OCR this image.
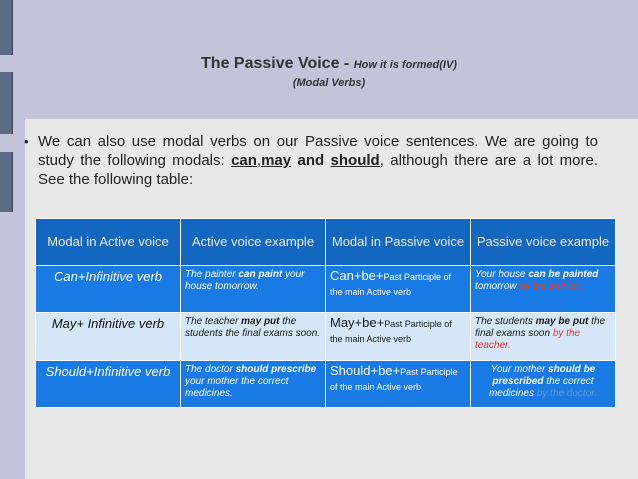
The Passive Voice - How it is formed(IV)
(Modal Verbs)
• We can also use modal verbs on our Passive voice sentences. We are going to study the following modals: can,may and should, although there are a lot more. See the following table:
Modal in Active voice	Active voice example	Modal in Passive voice	Passive voice example
Can+Infinitive verb	The painter can paint your house tomorrow.	Can+be+Past Participle of the main Active verb	Your house can be painted tomorrow by the painter.
May+ Infinitive verb	The teacher may put the students the final exams soon.	May+be+Past Participle of the main Active verb	The students may be put the final exams soon by the teacher.
Should+Infinitive verb	The doctor should prescribe your mother the correct medicines.	Should+be+Past Participle of the main Active verb	Your mother should be prescribed the correct medicines by the doctor.
